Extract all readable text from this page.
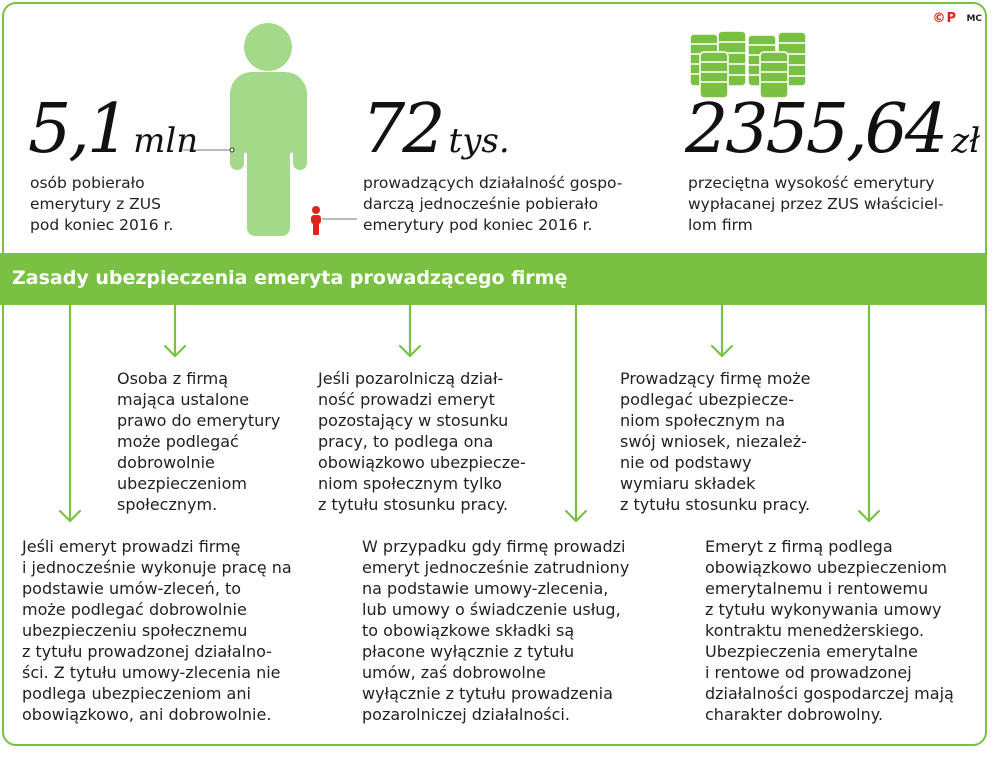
©P MC
5,1 mln 72 tys.	2355,64 zł
osób pobierało
emerytury z ZUS
pod koniec 2016 r.
prowadzących działalność gospo-
darczą jednocześnie pobierało
emerytury pod koniec 2016 r.
przeciętna wysokość emerytury
wypłacanej przez ZUS właściciel-
lom firm
Zasady ubezpieczenia emeryta prowadzącego firmę
Osoba z firmą
mająca ustalone
prawo do emerytury
może podlegać
dobrowolnie
ubezpieczeniom
społecznym.
Jeśli pozarolniczą dział-
ność prowadzi emeryt
pozostający w stosunku
pracy, to podlega ona
obowiązkowo ubezpiecze-
niom społecznym tylko
z tytułu stosunku pracy.
Prowadzący firmę może
podlegać ubezpiecze-
niom społecznym na
swój wniosek, niezależ-
nie od podstawy
wymiaru składek
z tytułu stosunku pracy.
Jeśli emeryt prowadzi firmę
i jednocześnie wykonuje pracę na
podstawie umów-zleceń, to
może podlegać dobrowolnie
ubezpieczeniu społecznemu
z tytułu prowadzonej działalno-
ści. Z tytułu umowy-zlecenia nie
podlega ubezpieczeniom ani
obowiązkowo, ani dobrowolnie.
W przypadku gdy firmę prowadzi
emeryt jednocześnie zatrudniony
na podstawie umowy-zlecenia,
lub umowy o świadczenie usług,
to obowiązkowe składki są
płacone wyłącznie z tytułu
umów, zaś dobrowolne
wyłącznie z tytułu prowadzenia
pozarolniczej działalności.
Emeryt z firmą podlega
obowiązkowo ubezpieczeniom
emerytalnemu i rentowemu
z tytułu wykonywania umowy
kontraktu menedżerskiego.
Ubezpieczenia emerytalne
i rentowe od prowadzonej
działalności gospodarczej mają
charakter dobrowolny.
